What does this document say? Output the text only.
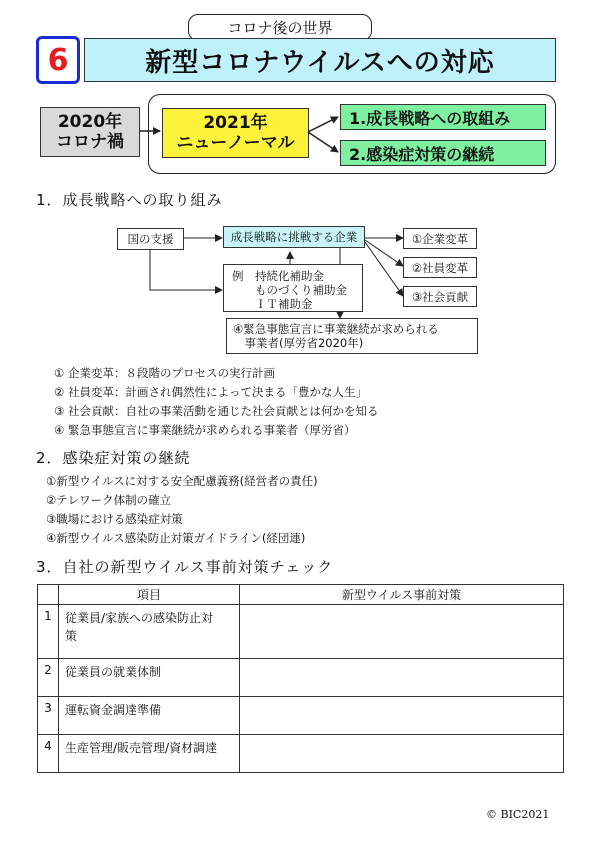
コロナ後の世界
6	新型コロナウイルスへの対応
2020年
コロナ禍
2021年
ニューノーマル
1.成長戦略への取組み
2.感染症対策の継続
1．成長戦略への取り組み
国の支援	成長戦略に挑戦する企業
例　持続化補助金
　　ものづくり補助金
　　ＩＴ補助金
①企業変革
②社員変革
③社会貢献
④緊急事態宣言に事業継続が求められる
　事業者(厚労省2020年)
① 企業変革：８段階のプロセスの実行計画
② 社員変革：計画され偶然性によって決まる「豊かな人生」
③ 社会貢献：自社の事業活動を通じた社会貢献とは何かを知る
④ 緊急事態宣言に事業継続が求められる事業者（厚労省）
2．感染症対策の継続
①新型ウイルスに対する安全配慮義務(経営者の責任)
②テレワーク体制の確立
③職場における感染症対策
④新型ウイルス感染防止対策ガイドライン(経団連)
3．自社の新型ウイルス事前対策チェック
	項目	新型ウイルス事前対策
1	従業員/家族への感染防止対
策	

2	従業員の就業体制	

3	運転資金調達準備	

4	生産管理/販売管理/資材調達	

© BIC2021
